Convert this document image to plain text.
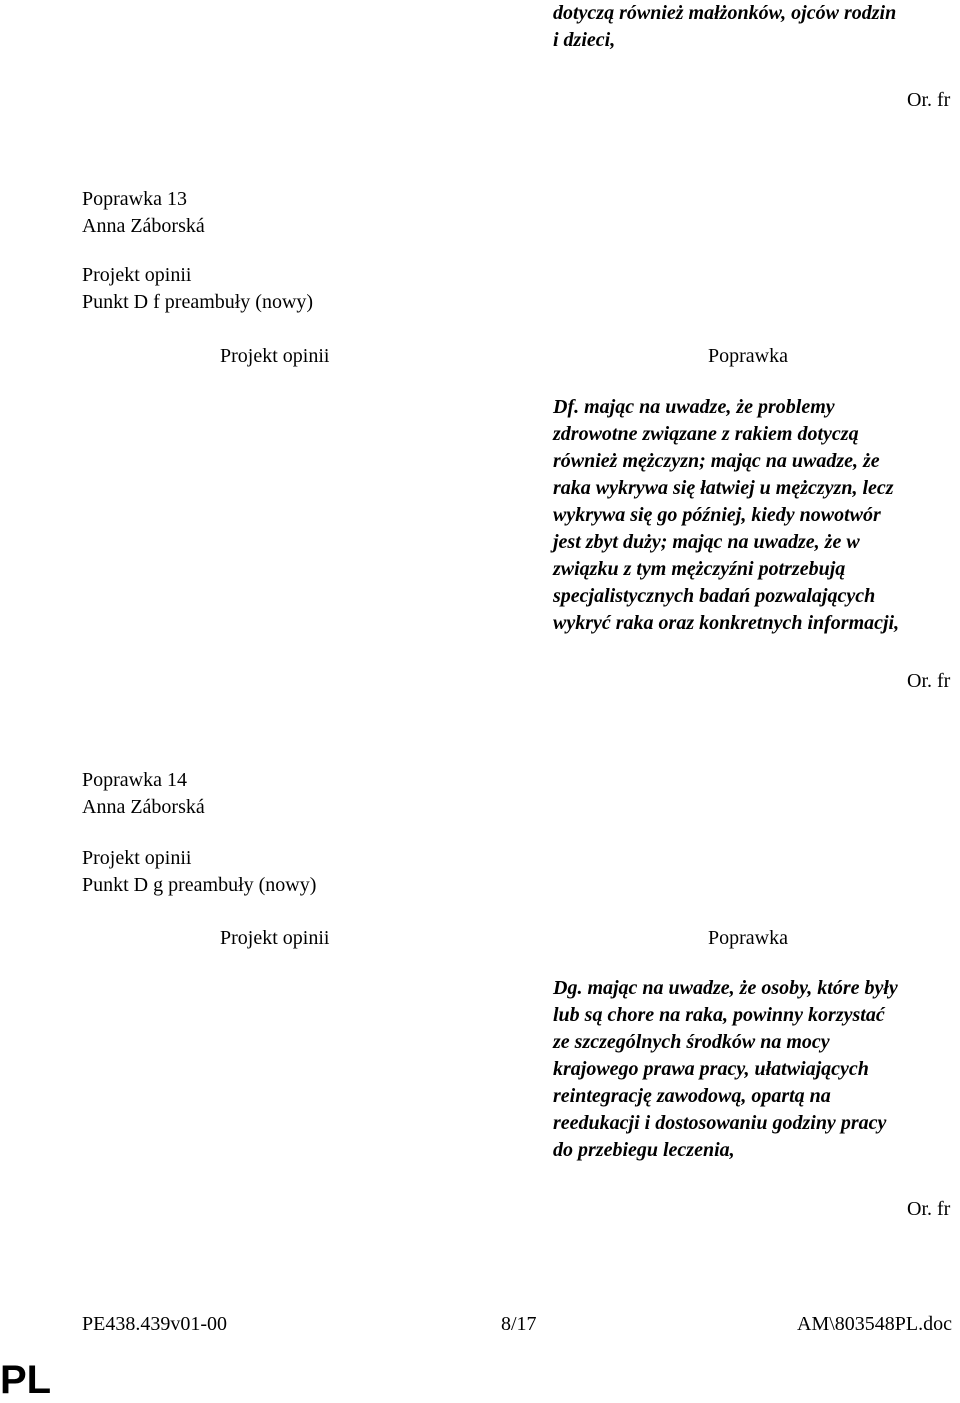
dotyczą również małżonków, ojców rodzin
i dzieci,
Or. fr
Poprawka 13
Anna Záborská
Projekt opinii
Punkt D f preambuły (nowy)
Projekt opinii	Poprawka
Df. mając na uwadze, że problemy
zdrowotne związane z rakiem dotyczą
również mężczyzn; mając na uwadze, że
raka wykrywa się łatwiej u mężczyzn, lecz
wykrywa się go później, kiedy nowotwór
jest zbyt duży; mając na uwadze, że w
związku z tym mężczyźni potrzebują
specjalistycznych badań pozwalających
wykryć raka oraz konkretnych informacji,
Or. fr
Poprawka 14
Anna Záborská
Projekt opinii
Punkt D g preambuły (nowy)
Projekt opinii	Poprawka
Dg. mając na uwadze, że osoby, które były
lub są chore na raka, powinny korzystać
ze szczególnych środków na mocy
krajowego prawa pracy, ułatwiających
reintegrację zawodową, opartą na
reedukacji i dostosowaniu godziny pracy
do przebiegu leczenia,
Or. fr
PE438.439v01-00	8/17	AM\803548PL.doc
PL
